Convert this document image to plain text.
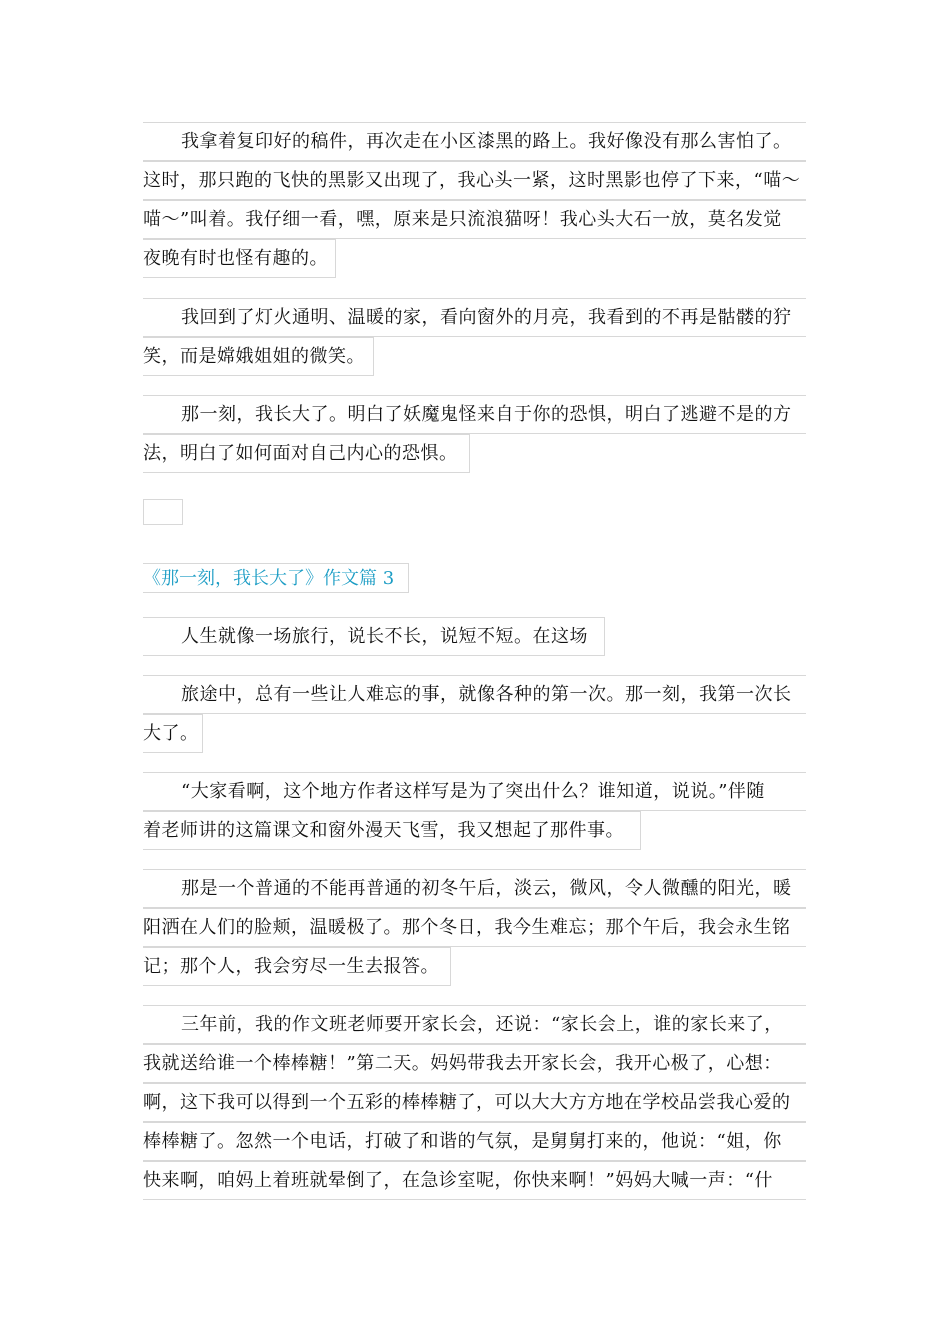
我拿着复印好的稿件，再次走在小区漆黑的路上。我好像没有那么害怕了。
这时，那只跑的飞快的黑影又出现了，我心头一紧，这时黑影也停了下来，“喵～
喵～”叫着。我仔细一看，嘿，原来是只流浪猫呀！我心头大石一放，莫名发觉
夜晚有时也怪有趣的。
我回到了灯火通明、温暖的家，看向窗外的月亮，我看到的不再是骷髅的狞
笑，而是嫦娥姐姐的微笑。
那一刻，我长大了。明白了妖魔鬼怪来自于你的恐惧，明白了逃避不是的方
法，明白了如何面对自己内心的恐惧。
《那一刻，我长大了》作文篇 3
人生就像一场旅行，说长不长，说短不短。在这场
旅途中，总有一些让人难忘的事，就像各种的第一次。那一刻，我第一次长
大了。
“大家看啊，这个地方作者这样写是为了突出什么？谁知道，说说。”伴随
着老师讲的这篇课文和窗外漫天飞雪，我又想起了那件事。
那是一个普通的不能再普通的初冬午后，淡云，微风，令人微醺的阳光，暖
阳洒在人们的脸颊，温暖极了。那个冬日，我今生难忘；那个午后，我会永生铭
记；那个人，我会穷尽一生去报答。
三年前，我的作文班老师要开家长会，还说：“家长会上，谁的家长来了，
我就送给谁一个棒棒糖！”第二天。妈妈带我去开家长会，我开心极了，心想：
啊，这下我可以得到一个五彩的棒棒糖了，可以大大方方地在学校品尝我心爱的
棒棒糖了。忽然一个电话，打破了和谐的气氛，是舅舅打来的，他说：“姐，你
快来啊，咱妈上着班就晕倒了，在急诊室呢，你快来啊！”妈妈大喊一声：“什
